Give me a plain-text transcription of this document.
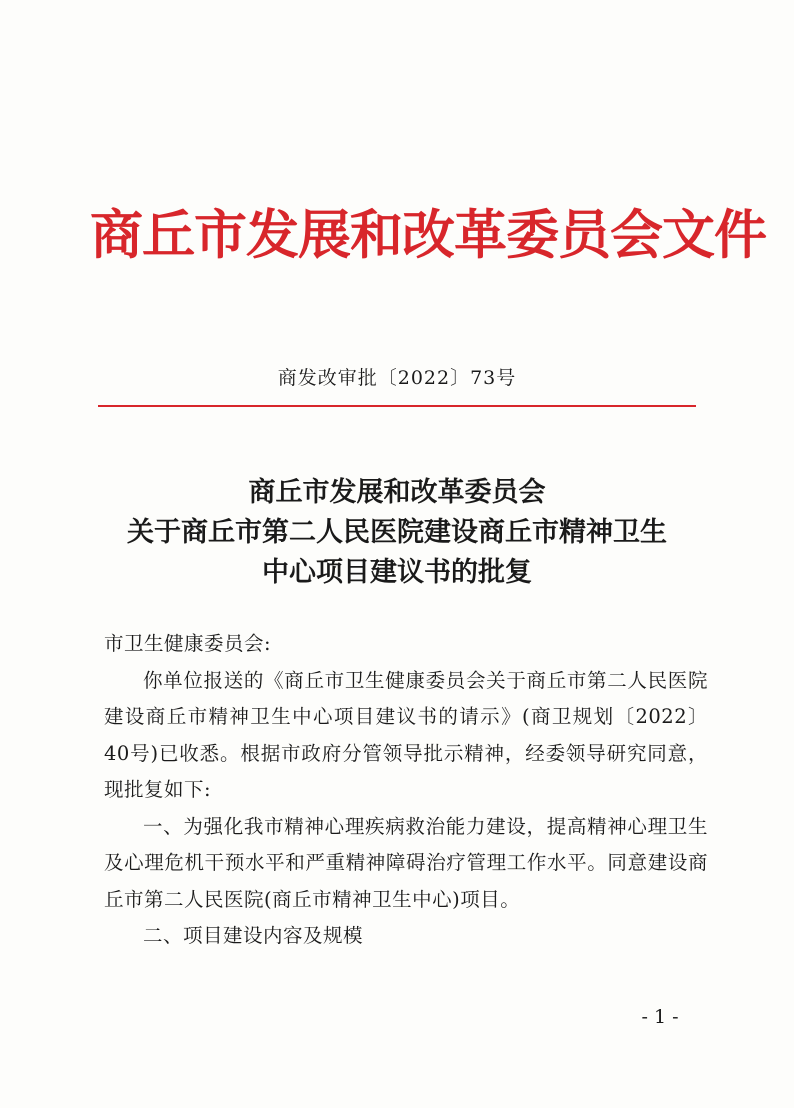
商丘市发展和改革委员会文件
商发改审批〔2022〕73号
商丘市发展和改革委员会
关于商丘市第二人民医院建设商丘市精神卫生
中心项目建议书的批复

市卫生健康委员会:

你单位报送的《商丘市卫生健康委员会关于商丘市第二人民医院建设商丘市精神卫生中心项目建议书的请示》(商卫规划〔2022〕40号)已收悉。根据市政府分管领导批示精神，经委领导研究同意，现批复如下:

一、为强化我市精神心理疾病救治能力建设，提高精神心理卫生及心理危机干预水平和严重精神障碍治疗管理工作水平。同意建设商丘市第二人民医院(商丘市精神卫生中心)项目。

二、项目建设内容及规模

- 1 -
